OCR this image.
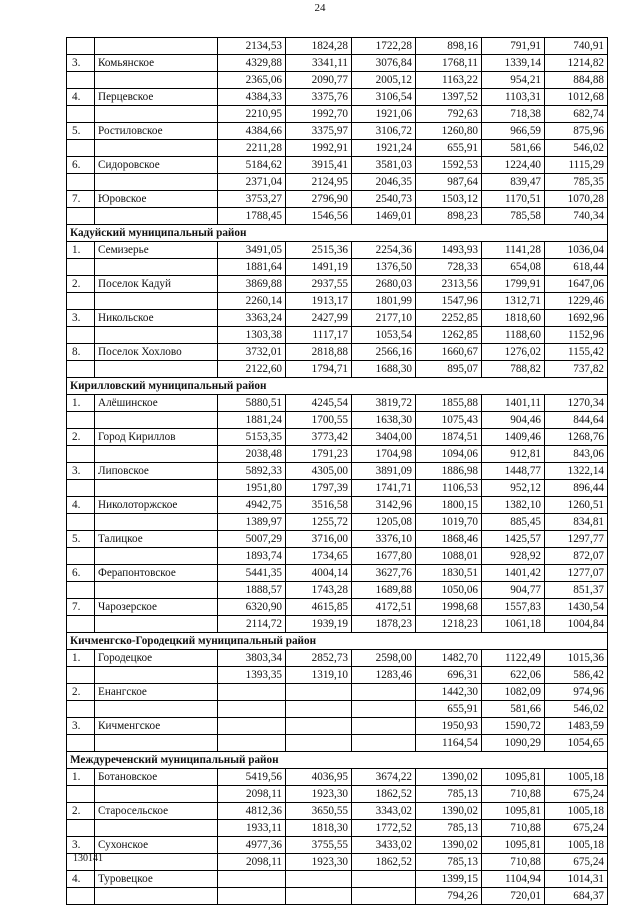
24
		2134,53	1824,28	1722,28	898,16	791,91	740,91
3.	Комьянское	4329,88	3341,11	3076,84	1768,11	1339,14	1214,82
		2365,06	2090,77	2005,12	1163,22	954,21	884,88
4.	Перцевское	4384,33	3375,76	3106,54	1397,52	1103,31	1012,68
		2210,95	1992,70	1921,06	792,63	718,38	682,74
5.	Ростиловское	4384,66	3375,97	3106,72	1260,80	966,59	875,96
		2211,28	1992,91	1921,24	655,91	581,66	546,02
6.	Сидоровское	5184,62	3915,41	3581,03	1592,53	1224,40	1115,29
		2371,04	2124,95	2046,35	987,64	839,47	785,35
7.	Юровское	3753,27	2796,90	2540,73	1503,12	1170,51	1070,28
		1788,45	1546,56	1469,01	898,23	785,58	740,34
Кадуйский муниципальный район							
1.	Семизерье	3491,05	2515,36	2254,36	1493,93	1141,28	1036,04
		1881,64	1491,19	1376,50	728,33	654,08	618,44
2.	Поселок Кадуй	3869,88	2937,55	2680,03	2313,56	1799,91	1647,06
		2260,14	1913,17	1801,99	1547,96	1312,71	1229,46
3.	Никольское	3363,24	2427,99	2177,10	2252,85	1818,60	1692,96
		1303,38	1117,17	1053,54	1262,85	1188,60	1152,96
8.	Поселок Хохлово	3732,01	2818,88	2566,16	1660,67	1276,02	1155,42
		2122,60	1794,71	1688,30	895,07	788,82	737,82
Кирилловский муниципальный район							
1.	Алёшинское	5880,51	4245,54	3819,72	1855,88	1401,11	1270,34
		1881,24	1700,55	1638,30	1075,43	904,46	844,64
2.	Город Кириллов	5153,35	3773,42	3404,00	1874,51	1409,46	1268,76
		2038,48	1791,23	1704,98	1094,06	912,81	843,06
3.	Липовское	5892,33	4305,00	3891,09	1886,98	1448,77	1322,14
		1951,80	1797,39	1741,71	1106,53	952,12	896,44
4.	Николоторжское	4942,75	3516,58	3142,96	1800,15	1382,10	1260,51
		1389,97	1255,72	1205,08	1019,70	885,45	834,81
5.	Талицкое	5007,29	3716,00	3376,10	1868,46	1425,57	1297,77
		1893,74	1734,65	1677,80	1088,01	928,92	872,07
6.	Ферапонтовское	5441,35	4004,14	3627,76	1830,51	1401,42	1277,07
		1888,57	1743,28	1689,88	1050,06	904,77	851,37
7.	Чарозерское	6320,90	4615,85	4172,51	1998,68	1557,83	1430,54
		2114,72	1939,19	1878,23	1218,23	1061,18	1004,84
Кичменгско-Городецкий муниципальный район							
1.	Городецкое	3803,34	2852,73	2598,00	1482,70	1122,49	1015,36
		1393,35	1319,10	1283,46	696,31	622,06	586,42
2.	Енангское				1442,30	1082,09	974,96
					655,91	581,66	546,02
3.	Кичменгское				1950,93	1590,72	1483,59
					1164,54	1090,29	1054,65
Междуреченский муниципальный район							
1.	Ботановское	5419,56	4036,95	3674,22	1390,02	1095,81	1005,18
		2098,11	1923,30	1862,52	785,13	710,88	675,24
2.	Старосельское	4812,36	3650,55	3343,02	1390,02	1095,81	1005,18
		1933,11	1818,30	1772,52	785,13	710,88	675,24
3.	Сухонское	4977,36	3755,55	3433,02	1390,02	1095,81	1005,18
		2098,11	1923,30	1862,52	785,13	710,88	675,24
4.	Туровецкое				1399,15	1104,94	1014,31
					794,26	720,01	684,37
130141
